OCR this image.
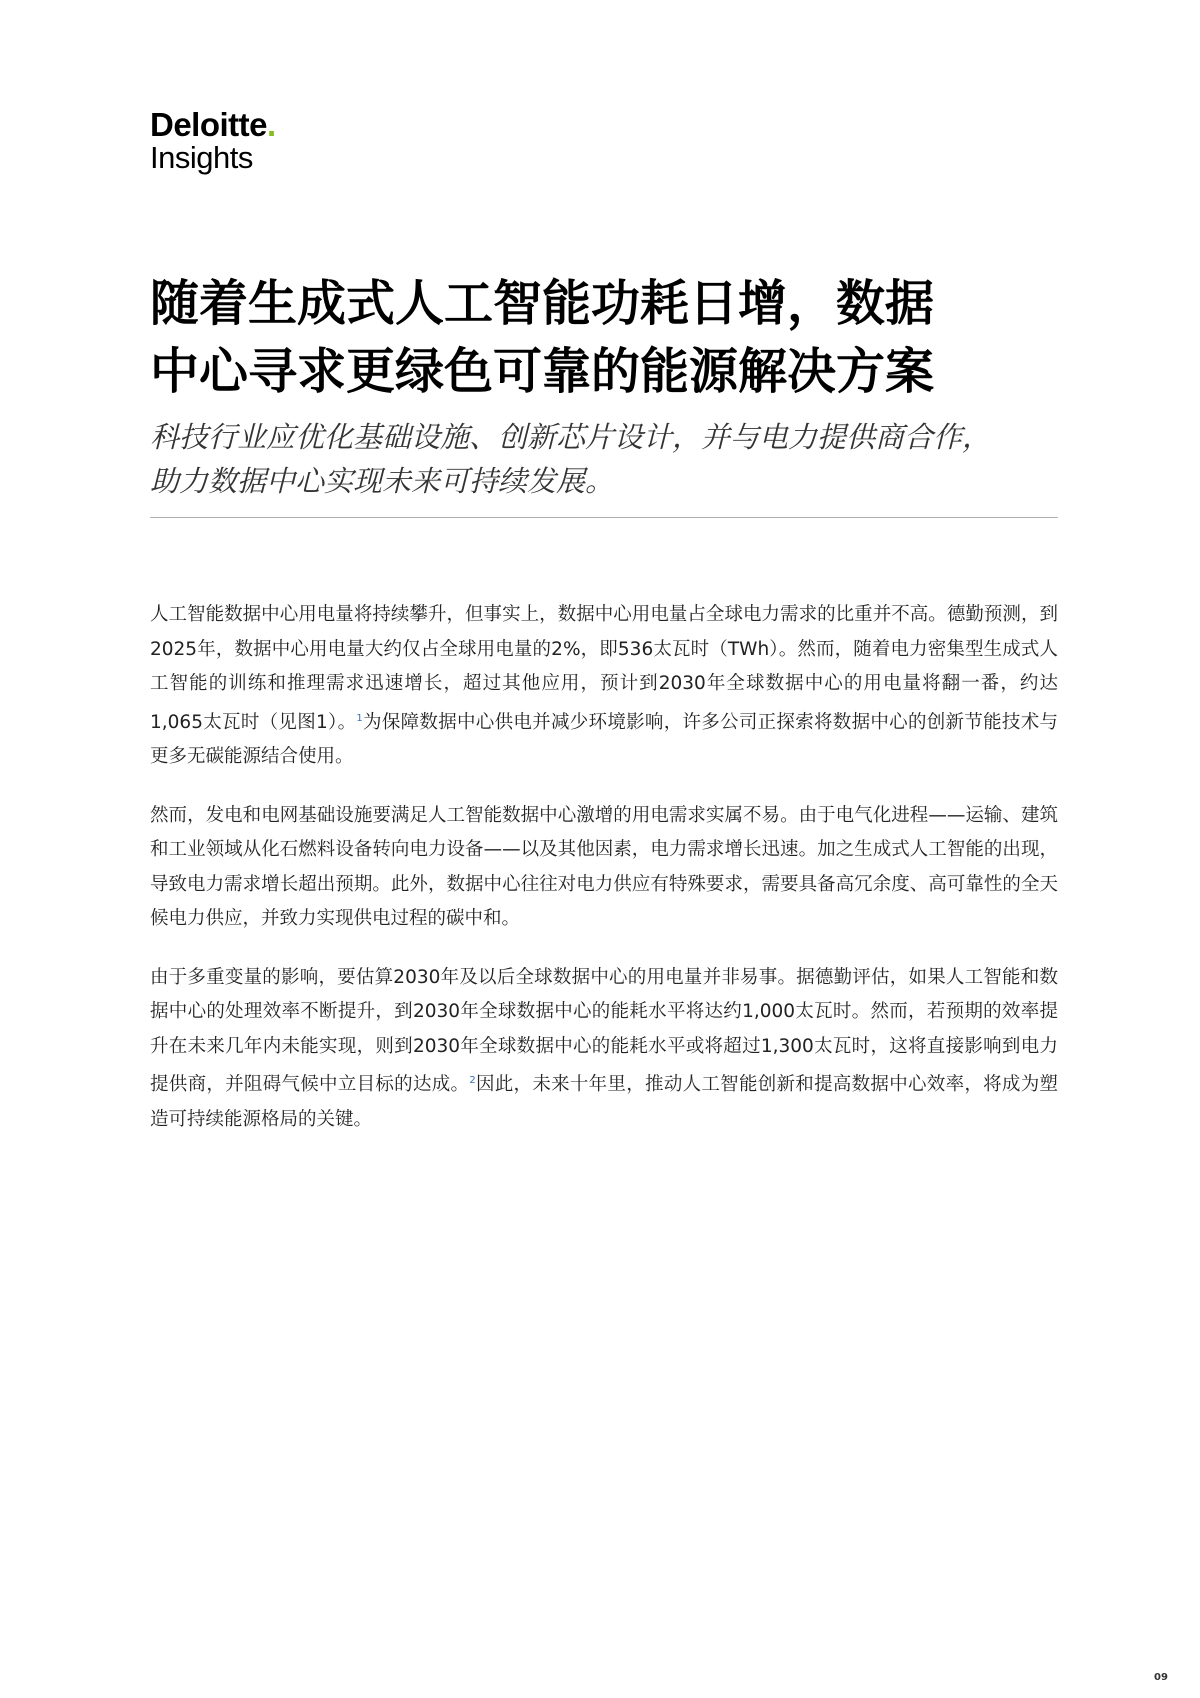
Deloitte.
Insights
随着生成式人工智能功耗日增，数据
中心寻求更绿色可靠的能源解决方案
科技行业应优化基础设施、创新芯片设计，并与电力提供商合作，
助力数据中心实现未来可持续发展。

人工智能数据中心用电量将持续攀升，但事实上，数据中心用电量占全球电力需求的比重并不高。德勤预测，到2025年，数据中心用电量大约仅占全球用电量的2%，即536太瓦时（TWh）。然而，随着电力密集型生成式人工智能的训练和推理需求迅速增长，超过其他应用，预计到2030年全球数据中心的用电量将翻一番，约达1,065太瓦时（见图1）。$^1$为保障数据中心供电并减少环境影响，许多公司正探索将数据中心的创新节能技术与更多无碳能源结合使用。

然而，发电和电网基础设施要满足人工智能数据中心激增的用电需求实属不易。由于电气化进程——运输、建筑和工业领域从化石燃料设备转向电力设备——以及其他因素，电力需求增长迅速。加之生成式人工智能的出现，导致电力需求增长超出预期。此外，数据中心往往对电力供应有特殊要求，需要具备高冗余度、高可靠性的全天候电力供应，并致力实现供电过程的碳中和。

由于多重变量的影响，要估算2030年及以后全球数据中心的用电量并非易事。据德勤评估，如果人工智能和数据中心的处理效率不断提升，到2030年全球数据中心的能耗水平将达约1,000太瓦时。然而，若预期的效率提升在未来几年内未能实现，则到2030年全球数据中心的能耗水平或将超过1,300太瓦时，这将直接影响到电力提供商，并阻碍气候中立目标的达成。$^2$因此，未来十年里，推动人工智能创新和提高数据中心效率，将成为塑造可持续能源格局的关键。

09
